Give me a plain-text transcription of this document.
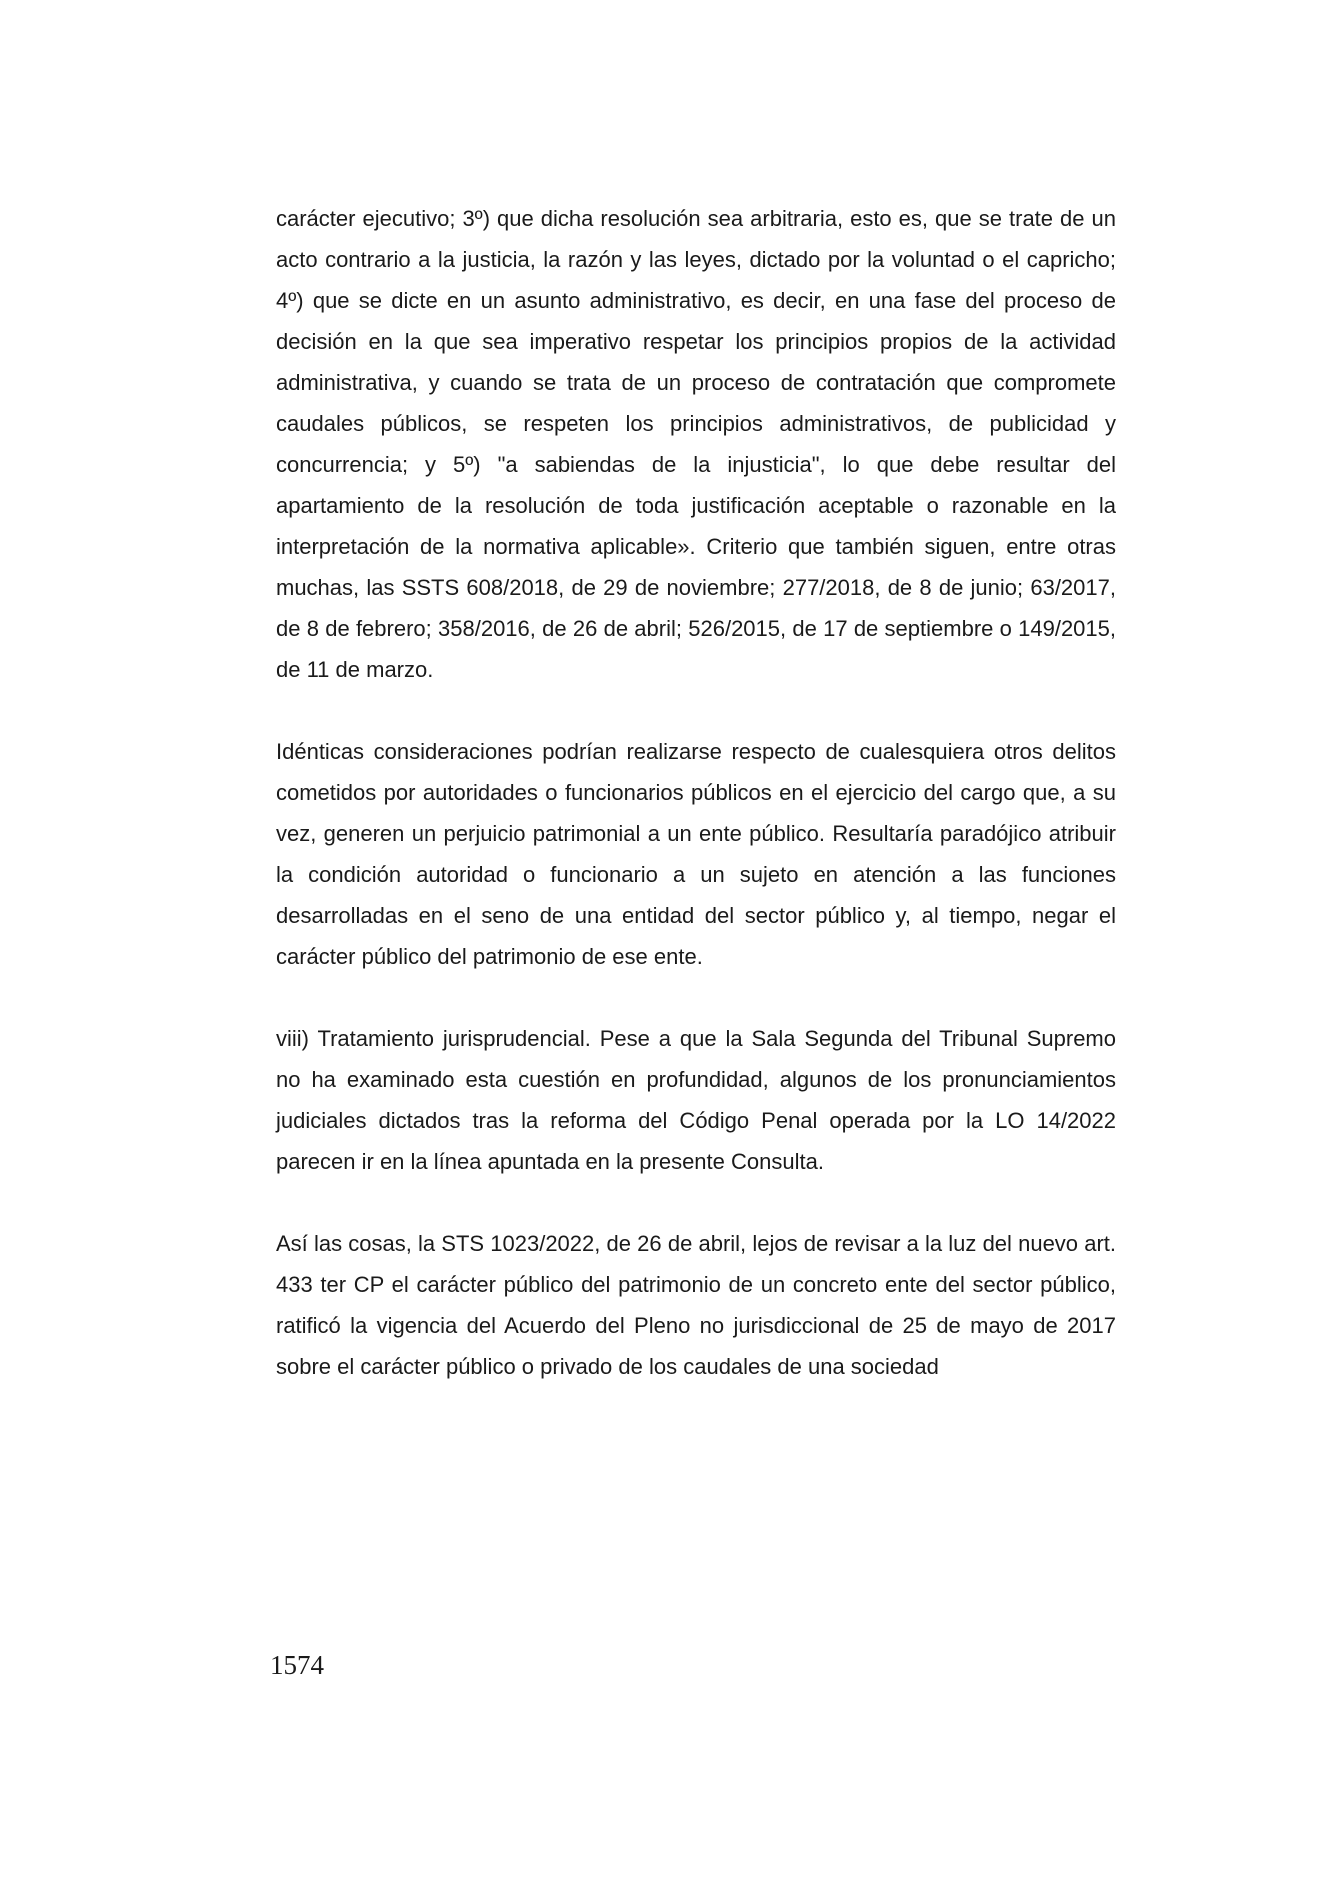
carácter ejecutivo; 3º) que dicha resolución sea arbitraria, esto es, que se trate de un acto contrario a la justicia, la razón y las leyes, dictado por la voluntad o el capricho; 4º) que se dicte en un asunto administrativo, es decir, en una fase del proceso de decisión en la que sea imperativo respetar los principios propios de la actividad administrativa, y cuando se trata de un proceso de contratación que compromete caudales públicos, se respeten los principios administrativos, de publicidad y concurrencia; y 5º) "a sabiendas de la injusticia", lo que debe resultar del apartamiento de la resolución de toda justificación aceptable o razonable en la interpretación de la normativa aplicable». Criterio que también siguen, entre otras muchas, las SSTS 608/2018, de 29 de noviembre; 277/2018, de 8 de junio; 63/2017, de 8 de febrero; 358/2016, de 26 de abril; 526/2015, de 17 de septiembre o 149/2015, de 11 de marzo.

Idénticas consideraciones podrían realizarse respecto de cualesquiera otros delitos cometidos por autoridades o funcionarios públicos en el ejercicio del cargo que, a su vez, generen un perjuicio patrimonial a un ente público. Resultaría paradójico atribuir la condición autoridad o funcionario a un sujeto en atención a las funciones desarrolladas en el seno de una entidad del sector público y, al tiempo, negar el carácter público del patrimonio de ese ente.

viii) Tratamiento jurisprudencial. Pese a que la Sala Segunda del Tribunal Supremo no ha examinado esta cuestión en profundidad, algunos de los pronunciamientos judiciales dictados tras la reforma del Código Penal operada por la LO 14/2022 parecen ir en la línea apuntada en la presente Consulta.

Así las cosas, la STS 1023/2022, de 26 de abril, lejos de revisar a la luz del nuevo art. 433 ter CP el carácter público del patrimonio de un concreto ente del sector público, ratificó la vigencia del Acuerdo del Pleno no jurisdiccional de 25 de mayo de 2017 sobre el carácter público o privado de los caudales de una sociedad

1574
